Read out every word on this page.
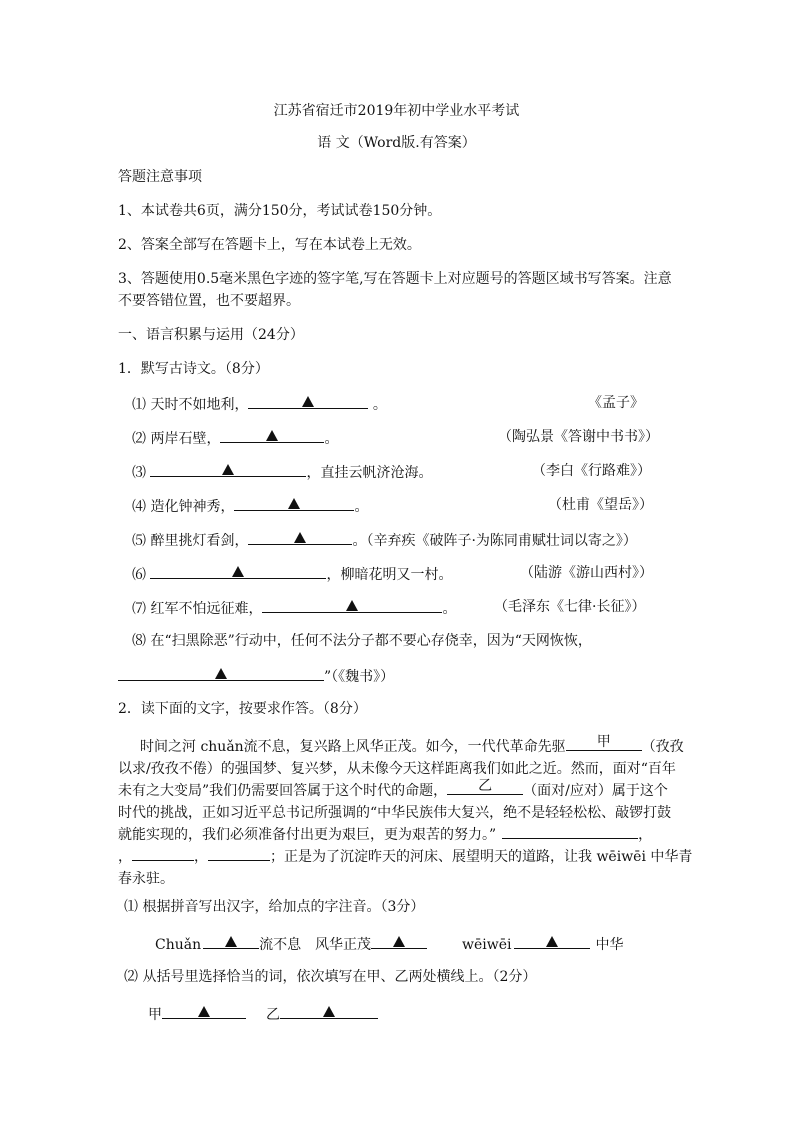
江苏省宿迁市2019年初中学业水平考试
语 文（Word版.有答案）
答题注意事项
1、本试卷共6页，满分150分，考试试卷150分钟。
2、答案全部写在答题卡上，写在本试卷上无效。
3、答题使用0.5毫米黑色字迹的签字笔,写在答题卡上对应题号的答题区域书写答案。注意
不要答错位置，也不要超界。
一、语言积累与运用（24分）
1．默写古诗文。（8分）
⑴ 天时不如地利，	。	《孟子》
⑵ 两岸石壁，	。	（陶弘景《答谢中书书》）
⑶	，直挂云帆济沧海。	（李白《行路难》）
⑷ 造化钟神秀，	。	（杜甫《望岳》）
⑸ 醉里挑灯看剑，	。（辛弃疾《破阵子·为陈同甫赋壮词以寄之》）
⑹	，柳暗花明又一村。	（陆游《游山西村》）
⑺ 红军不怕远征难，	。	（毛泽东《七律·长征》）
⑻ 在“扫黑除恶”行动中，任何不法分子都不要心存侥幸，因为“天网恢恢，
”（《魏书》）
2．读下面的文字，按要求作答。（8分）
时间之河 chuǎn流不息，复兴路上风华正茂。如今，一代代革命先驱	甲	（孜孜
以求/孜孜不倦）的强国梦、复兴梦，从未像今天这样距离我们如此之近。然而，面对“百年
未有之大变局”我们仍需要回答属于这个时代的命题，	乙	（面对/应对）属于这个
时代的挑战，正如习近平总书记所强调的“中华民族伟大复兴，绝不是轻轻松松、敲锣打鼓
就能实现的，我们必须准备付出更为艰巨，更为艰苦的努力。”	，
，	，	；正是为了沉淀昨天的河床、展望明天的道路，让我 wēiwēi 中华青
春永驻。
⑴ 根据拼音写出汉字，给加点的字注音。（3分）
Chuǎn	流不息 风华正茂	wēiwēi	中华
⑵ 从括号里选择恰当的词，依次填写在甲、乙两处横线上。（2分）
甲	乙
